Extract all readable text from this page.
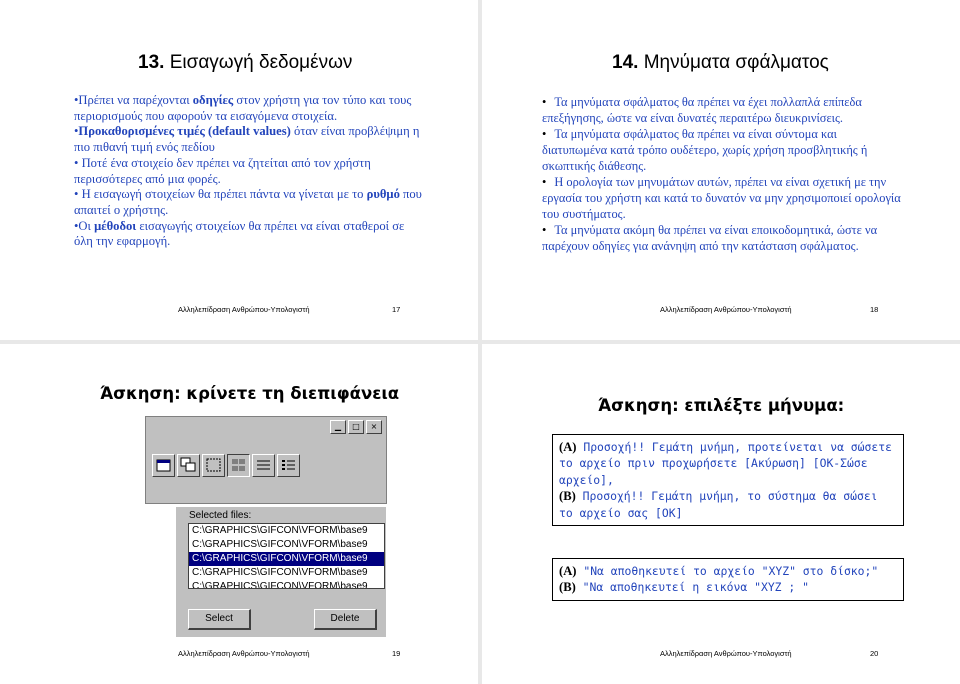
13. Εισαγωγή δεδομένων

•Πρέπει να παρέχονται οδηγίες στον χρήστη για τον τύπο και τους περιορισμούς που αφορούν τα εισαγόμενα στοιχεία.

•Προκαθορισμένες τιμές (default values) όταν είναι προβλέψιμη η πιο πιθανή τιμή ενός πεδίου

• Ποτέ ένα στοιχείο δεν πρέπει να ζητείται από τον χρήστη περισσότερες από μια φορές.

• Η εισαγωγή στοιχείων θα πρέπει πάντα να γίνεται με το ρυθμό που απαιτεί ο χρήστης.

•Οι μέθοδοι εισαγωγής στοιχείων θα πρέπει να είναι σταθεροί σε όλη την εφαρμογή.

Αλληλεπίδραση Ανθρώπου-Υπολογιστή	17
14. Μηνύματα σφάλματος

• Τα μηνύματα σφάλματος θα πρέπει να έχει πολλαπλά επίπεδα επεξήγησης, ώστε να είναι δυνατές περαιτέρω διευκρινίσεις.

• Τα μηνύματα σφάλματος θα πρέπει να είναι σύντομα και διατυπωμένα κατά τρόπο ουδέτερο, χωρίς χρήση προσβλητικής ή σκωπτικής διάθεσης.

• Η ορολογία των μηνυμάτων αυτών, πρέπει να είναι σχετική με την εργασία του χρήστη και κατά το δυνατόν να μην χρησιμοποιεί ορολογία του συστήματος.

• Τα μηνύματα ακόμη θα πρέπει να είναι εποικοδομητικά, ώστε να παρέχουν οδηγίες για ανάνηψη από την κατάσταση σφάλματος.

Αλληλεπίδραση Ανθρώπου-Υπολογιστή	18
Άσκηση: κρίνετε τη διεπιφάνεια
▁	□	×
Selected files:
C:\GRAPHICS\GIFCON\VFORM\base9
C:\GRAPHICS\GIFCON\VFORM\base9
C:\GRAPHICS\GIFCON\VFORM\base9
C:\GRAPHICS\GIFCON\VFORM\base9
C:\GRAPHICS\GIFCON\VFORM\base9
Select	Delete
Αλληλεπίδραση Ανθρώπου-Υπολογιστή	19
Άσκηση: επιλέξτε μήνυμα:
(A) Προσοχή!! Γεμάτη μνήμη, προτείνεται να σώσετε το αρχείο πριν προχωρήσετε [Ακύρωση] [ΟΚ-Σώσε αρχείο],
(B) Προσοχή!! Γεμάτη μνήμη, το σύστημα θα σώσει το αρχείο σας [OK]
(A) "Να αποθηκευτεί το αρχείο "XYZ" στο δίσκο;"
(B) "Να αποθηκευτεί η εικόνα "XYZ ; "
Αλληλεπίδραση Ανθρώπου-Υπολογιστή	20
